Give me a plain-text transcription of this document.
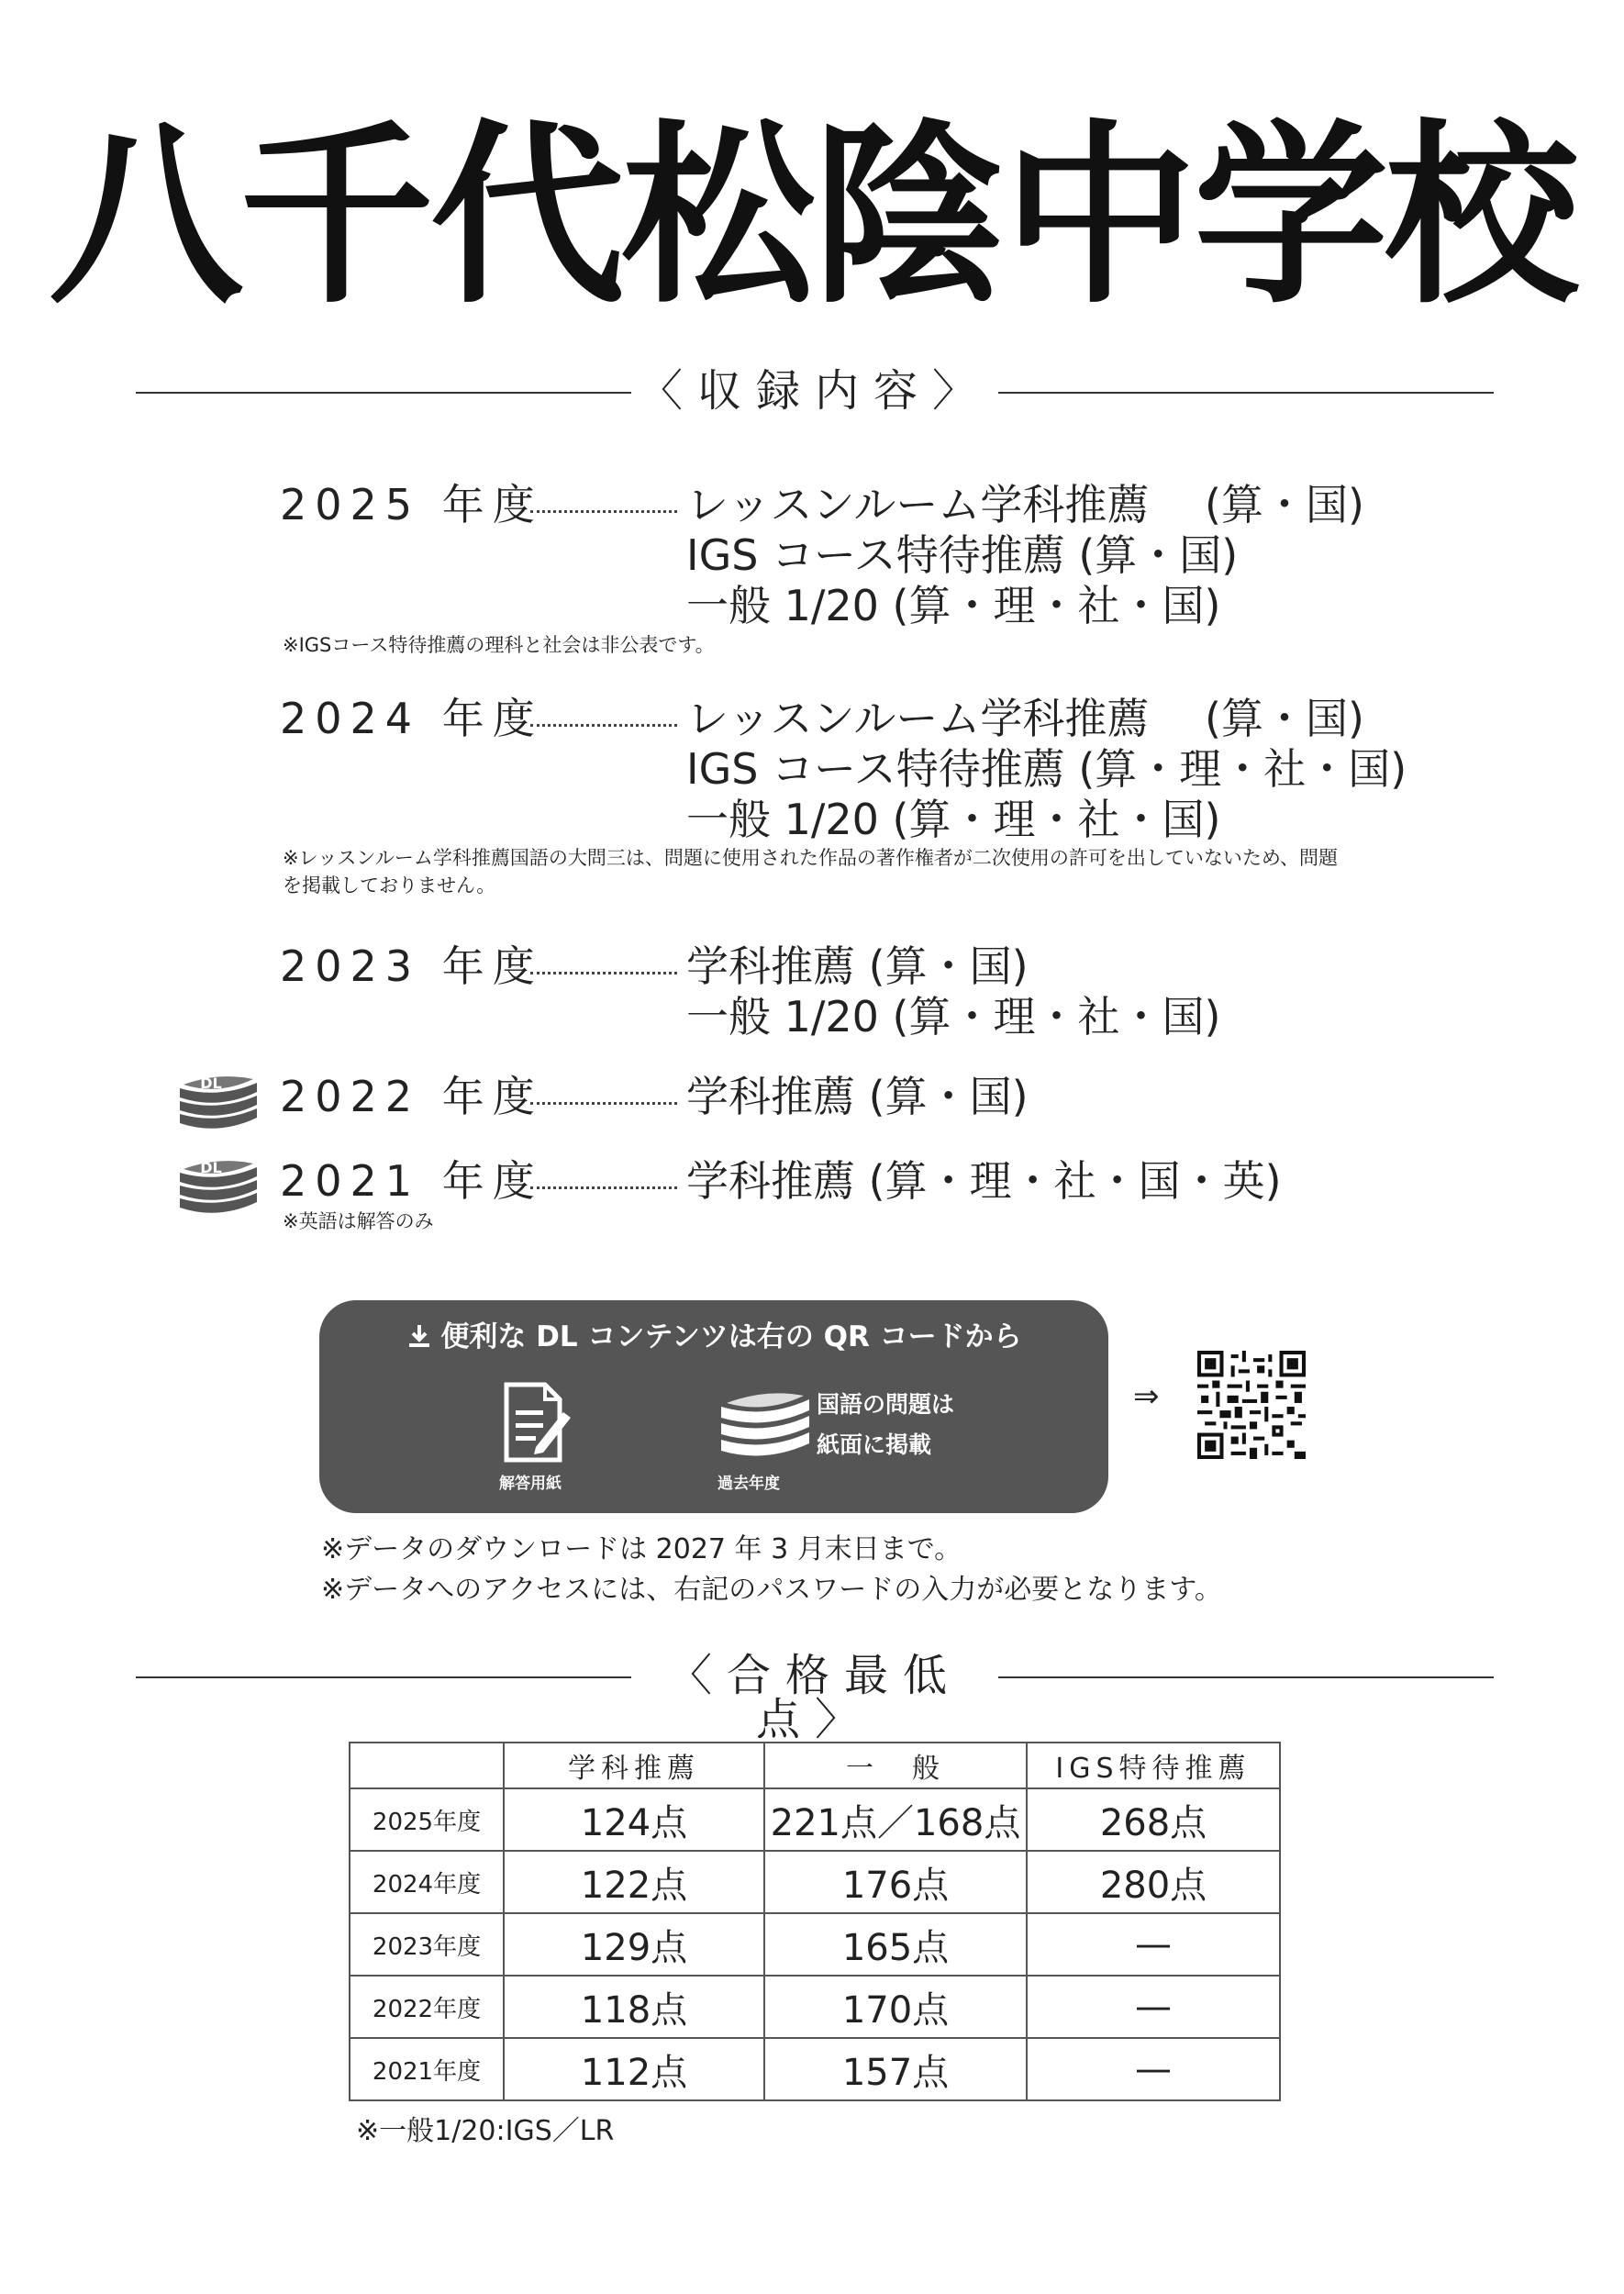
八千代松陰中学校
〈収録内容〉
2025 年度	レッスンルーム学科推薦　 (算・国)
IGS コース特待推薦 (算・国)
一般 1/20 (算・理・社・国)
※IGSコース特待推薦の理科と社会は非公表です。
2024 年度	レッスンルーム学科推薦　 (算・国)
IGS コース特待推薦 (算・理・社・国)
一般 1/20 (算・理・社・国)
※レッスンルーム学科推薦国語の大問三は、問題に使用された作品の著作権者が二次使用の許可を出していないため、問題を掲載しておりません。
2023 年度	学科推薦 (算・国)
一般 1/20 (算・理・社・国)
DL 2022 年度	学科推薦 (算・国)
DL 2021 年度	学科推薦 (算・理・社・国・英)
※英語は解答のみ
便利な DL コンテンツは右の QR コードから
解答用紙	過去年度
国語の問題は
紙面に掲載
⇒
※データのダウンロードは 2027 年 3 月末日まで。
※データへのアクセスには、右記のパスワードの入力が必要となります。
〈合格最低点〉
	学科推薦	一　般	IGS特待推薦
2025年度	124点	221点／168点	268点
2024年度	122点	176点	280点
2023年度	129点	165点	—
2022年度	118点	170点	—
2021年度	112点	157点	—
※一般1/20:IGS／LR
